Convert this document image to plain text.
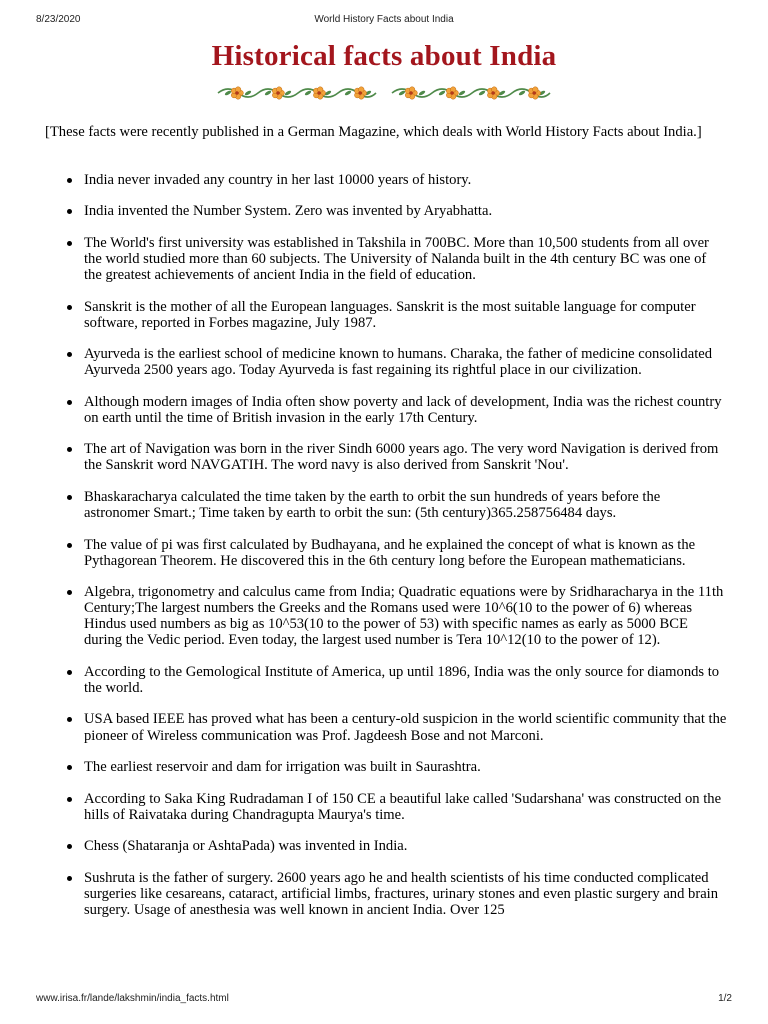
8/23/2020	World History Facts about India
Historical facts about India

[These facts were recently published in a German Magazine, which deals with World History Facts about India.]

India never invaded any country in her last 10000 years of history.
India invented the Number System. Zero was invented by Aryabhatta.
The World's first university was established in Takshila in 700BC. More than 10,500 students from all over the world studied more than 60 subjects. The University of Nalanda built in the 4th century BC was one of the greatest achievements of ancient India in the field of education.
Sanskrit is the mother of all the European languages. Sanskrit is the most suitable language for computer software, reported in Forbes magazine, July 1987.
Ayurveda is the earliest school of medicine known to humans. Charaka, the father of medicine consolidated Ayurveda 2500 years ago. Today Ayurveda is fast regaining its rightful place in our civilization.
Although modern images of India often show poverty and lack of development, India was the richest country on earth until the time of British invasion in the early 17th Century.
The art of Navigation was born in the river Sindh 6000 years ago. The very word Navigation is derived from the Sanskrit word NAVGATIH. The word navy is also derived from Sanskrit 'Nou'.
Bhaskaracharya calculated the time taken by the earth to orbit the sun hundreds of years before the astronomer Smart.; Time taken by earth to orbit the sun: (5th century)365.258756484 days.
The value of pi was first calculated by Budhayana, and he explained the concept of what is known as the Pythagorean Theorem. He discovered this in the 6th century long before the European mathematicians.
Algebra, trigonometry and calculus came from India; Quadratic equations were by Sridharacharya in the 11th Century;The largest numbers the Greeks and the Romans used were 10^6(10 to the power of 6) whereas Hindus used numbers as big as 10^53(10 to the power of 53) with specific names as early as 5000 BCE during the Vedic period. Even today, the largest used number is Tera 10^12(10 to the power of 12).
According to the Gemological Institute of America, up until 1896, India was the only source for diamonds to the world.
USA based IEEE has proved what has been a century-old suspicion in the world scientific community that the pioneer of Wireless communication was Prof. Jagdeesh Bose and not Marconi.
The earliest reservoir and dam for irrigation was built in Saurashtra.
According to Saka King Rudradaman I of 150 CE a beautiful lake called 'Sudarshana' was constructed on the hills of Raivataka during Chandragupta Maurya's time.
Chess (Shataranja or AshtaPada) was invented in India.
Sushruta is the father of surgery. 2600 years ago he and health scientists of his time conducted complicated surgeries like cesareans, cataract, artificial limbs, fractures, urinary stones and even plastic surgery and brain surgery. Usage of anesthesia was well known in ancient India. Over 125
www.irisa.fr/lande/lakshmin/india_facts.html	1/2
